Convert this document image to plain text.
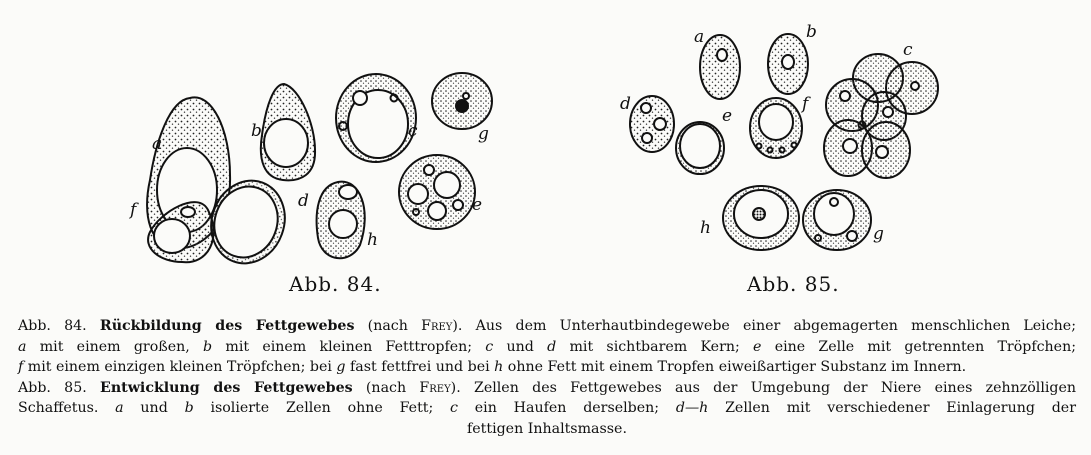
a
b	c
d	e
f
g
h
a	b
c
d
e
f
g
h
Abb. 84.	Abb. 85.

Abb. 84. Rückbildung des Fettgewebes (nach Frey). Aus dem Unterhautbindegewebe einer abgemagerten menschlichen Leiche;

a mit einem großen, b mit einem kleinen Fetttropfen; c und d mit sichtbarem Kern; e eine Zelle mit getrennten Tröpfchen;

f mit einem einzigen kleinen Tröpfchen; bei g fast fettfrei und bei h ohne Fett mit einem Tropfen eiweißartiger Substanz im Innern.

Abb. 85. Entwicklung des Fettgewebes (nach Frey). Zellen des Fettgewebes aus der Umgebung der Niere eines zehnzölligen

Schaffetus. a und b isolierte Zellen ohne Fett; c ein Haufen derselben; d—h Zellen mit verschiedener Einlagerung der

fettigen Inhaltsmasse.
